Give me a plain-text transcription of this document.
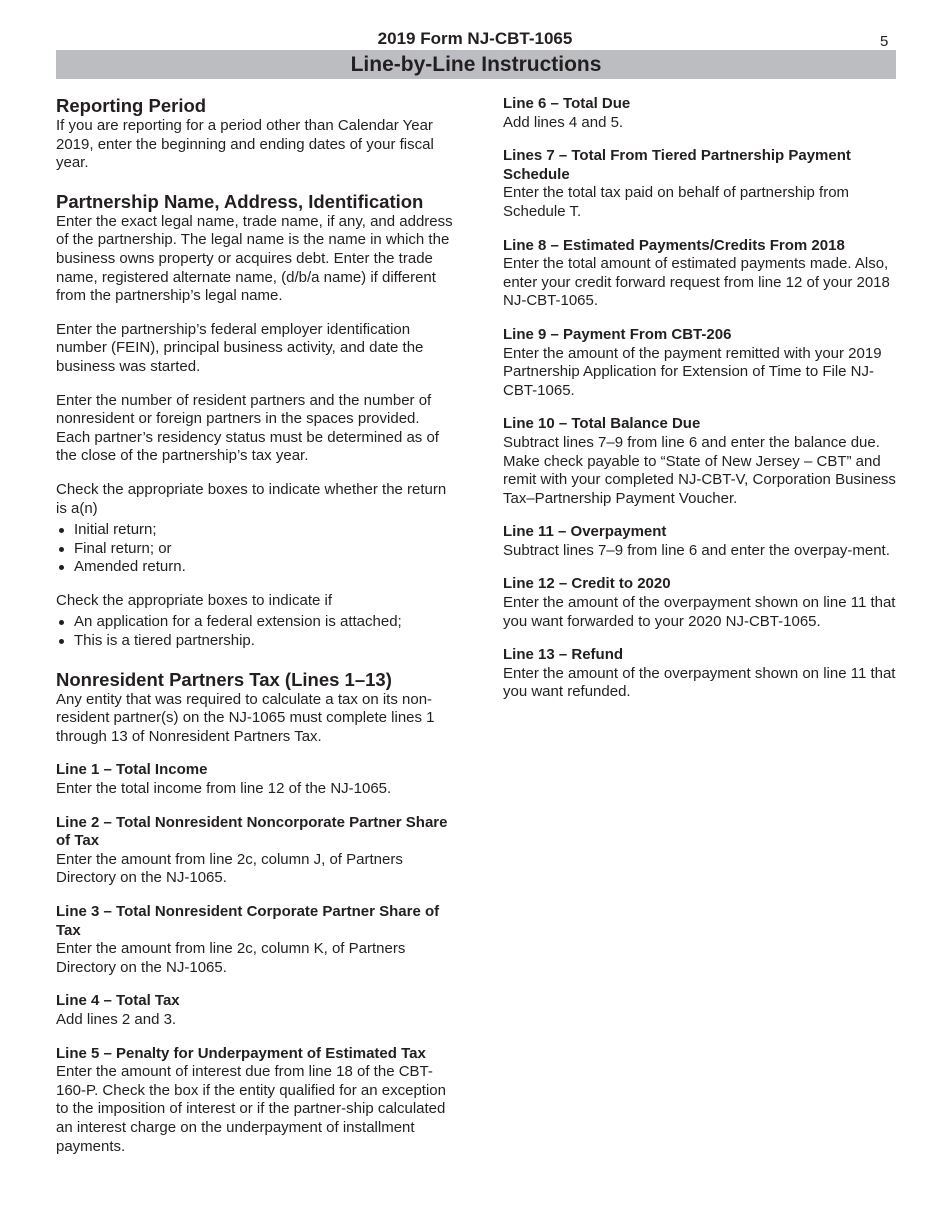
2019 Form NJ-CBT-1065	5
Line-by-Line Instructions
Reporting Period

If you are reporting for a period other than Calendar Year 2019, enter the beginning and ending dates of your fiscal year.

Partnership Name, Address, Identification

Enter the exact legal name, trade name, if any, and address of the partnership. The legal name is the name in which the business owns property or acquires debt. Enter the trade name, registered alternate name, (d/b/a name) if different from the partnership’s legal name.

Enter the partnership’s federal employer identification number (FEIN), principal business activity, and date the business was started.

Enter the number of resident partners and the number of nonresident or foreign partners in the spaces provided. Each partner’s residency status must be determined as of the close of the partnership’s tax year.

Check the appropriate boxes to indicate whether the return is a(n)

Initial return;
Final return; or
Amended return.

Check the appropriate boxes to indicate if

An application for a federal extension is attached;
This is a tiered partnership.
Nonresident Partners Tax (Lines 1–13)

Any entity that was required to calculate a tax on its non-resident partner(s) on the NJ-1065 must complete lines 1 through 13 of Nonresident Partners Tax.

Line 1 – Total Income

Enter the total income from line 12 of the NJ-1065.

Line 2 – Total Nonresident Noncorporate Partner Share of Tax

Enter the amount from line 2c, column J, of Partners Directory on the NJ-1065.

Line 3 – Total Nonresident Corporate Partner Share of Tax

Enter the amount from line 2c, column K, of Partners Directory on the NJ-1065.

Line 4 – Total Tax

Add lines 2 and 3.

Line 5 – Penalty for Underpayment of Estimated Tax

Enter the amount of interest due from line 18 of the CBT-160-P. Check the box if the entity qualified for an exception to the imposition of interest or if the partner-ship calculated an interest charge on the underpayment of installment payments.

Line 6 – Total Due

Add lines 4 and 5.

Lines 7 – Total From Tiered Partnership Payment Schedule

Enter the total tax paid on behalf of partnership from Schedule T.

Line 8 – Estimated Payments/Credits From 2018

Enter the total amount of estimated payments made. Also, enter your credit forward request from line 12 of your 2018 NJ-CBT-1065.

Line 9 – Payment From CBT-206

Enter the amount of the payment remitted with your 2019 Partnership Application for Extension of Time to File NJ-CBT-1065.

Line 10 – Total Balance Due

Subtract lines 7–9 from line 6 and enter the balance due. Make check payable to “State of New Jersey – CBT” and remit with your completed NJ-CBT-V, Corporation Business Tax–Partnership Payment Voucher.

Line 11 – Overpayment

Subtract lines 7–9 from line 6 and enter the overpay-ment.

Line 12 – Credit to 2020

Enter the amount of the overpayment shown on line 11 that you want forwarded to your 2020 NJ-CBT-1065.

Line 13 – Refund

Enter the amount of the overpayment shown on line 11 that you want refunded.
